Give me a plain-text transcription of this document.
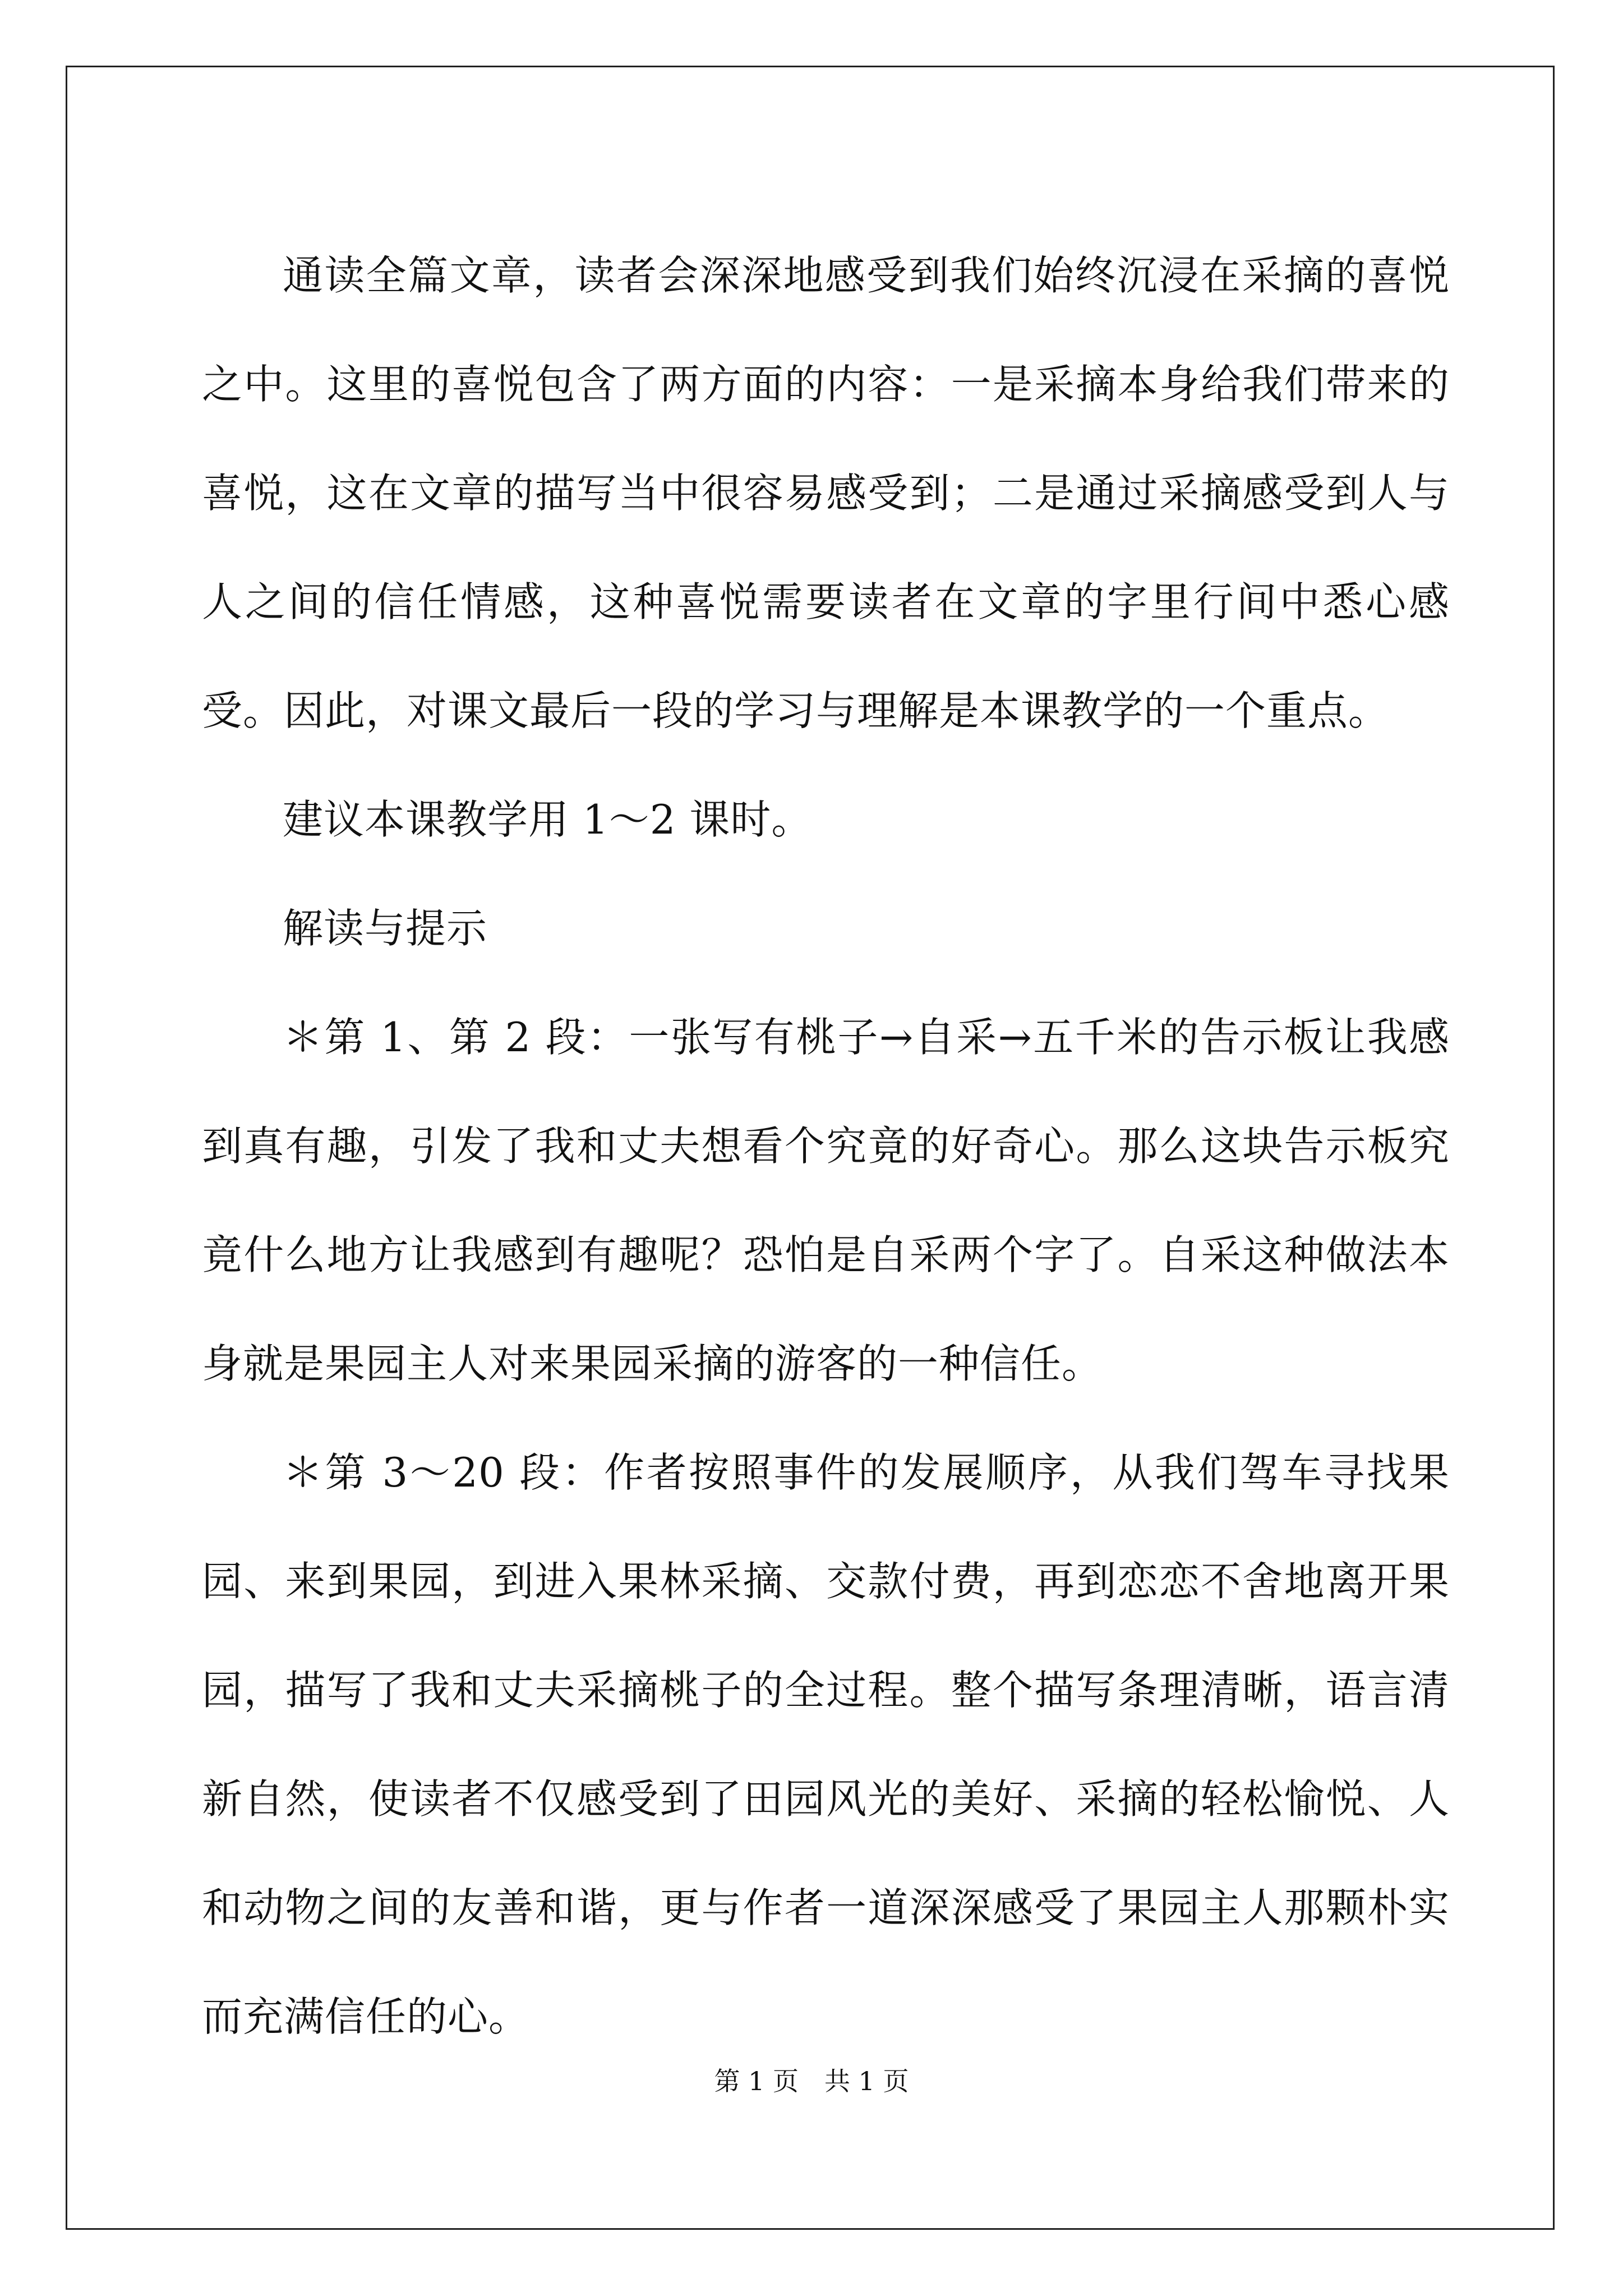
通读全篇文章，读者会深深地感受到我们始终沉浸在采摘的喜悦之中。这里的喜悦包含了两方面的内容：一是采摘本身给我们带来的喜悦，这在文章的描写当中很容易感受到；二是通过采摘感受到人与人之间的信任情感，这种喜悦需要读者在文章的字里行间中悉心感受。因此，对课文最后一段的学习与理解是本课教学的一个重点。

建议本课教学用 1～2 课时。

解读与提示

＊第 1、第 2 段：一张写有桃子→自采→五千米的告示板让我感到真有趣，引发了我和丈夫想看个究竟的好奇心。那么这块告示板究竟什么地方让我感到有趣呢？恐怕是自采两个字了。自采这种做法本身就是果园主人对来果园采摘的游客的一种信任。

＊第 3～20 段：作者按照事件的发展顺序，从我们驾车寻找果园、来到果园，到进入果林采摘、交款付费，再到恋恋不舍地离开果园，描写了我和丈夫采摘桃子的全过程。整个描写条理清晰，语言清新自然，使读者不仅感受到了田园风光的美好、采摘的轻松愉悦、人和动物之间的友善和谐，更与作者一道深深感受了果园主人那颗朴实而充满信任的心。

第 1 页　共 1 页
